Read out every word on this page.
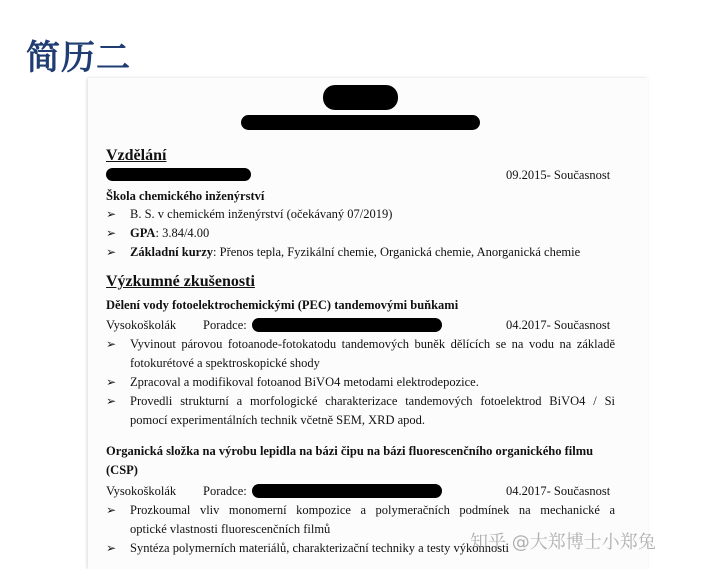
简历二
Vzdělání
09.2015- Současnost
Škola chemického inženýrství
➢ B. S. v chemickém inženýrství (očekávaný 07/2019)
➢ GPA: 3.84/4.00
➢ Základní kurzy: Přenos tepla, Fyzikální chemie, Organická chemie, Anorganická chemie
Výzkumné zkušenosti
Dělení vody fotoelektrochemickými (PEC) tandemovými buňkami
Vysokoškolák Poradce:	04.2017- Současnost
➢ Vyvinout párovou fotoanode-fotokatodu tandemových buněk dělících se na vodu na základě
fotokurétové a spektroskopické shody
➢ Zpracoval a modifikoval fotoanod BiVO4 metodami elektrodepozice.
➢ Provedli strukturní a morfologické charakterizace tandemových fotoelektrod BiVO4 / Si
pomocí experimentálních technik včetně SEM, XRD apod.
Organická složka na výrobu lepidla na bázi čipu na bázi fluorescenčního organického filmu
(CSP)
Vysokoškolák Poradce:	04.2017- Současnost
➢ Prozkoumal vliv monomerní kompozice a polymeračních podmínek na mechanické a
optické vlastnosti fluorescenčních filmů
➢ Syntéza polymerních materiálů, charakterizační techniky a testy výkonnosti
知乎 @大郑博士小郑兔
